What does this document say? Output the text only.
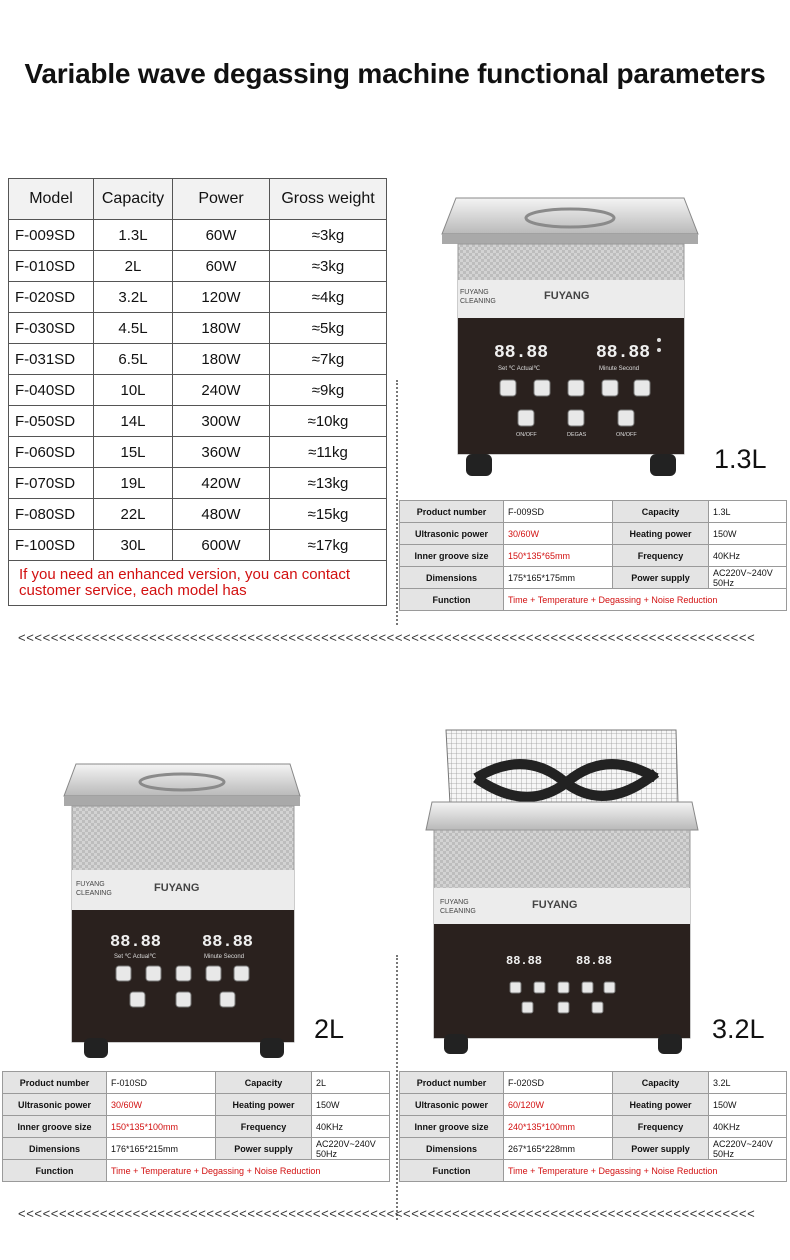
Variable wave degassing machine functional parameters
Model	Capacity	Power	Gross weight
F-009SD	1.3L	60W	≈3kg
F-010SD	2L	60W	≈3kg
F-020SD	3.2L	120W	≈4kg
F-030SD	4.5L	180W	≈5kg
F-031SD	6.5L	180W	≈7kg
F-040SD	10L	240W	≈9kg
F-050SD	14L	300W	≈10kg
F-060SD	15L	360W	≈11kg
F-070SD	19L	420W	≈13kg
F-080SD	22L	480W	≈15kg
F-100SD	30L	600W	≈17kg
If you need an enhanced version, you can contact customer service, each model has			
<<<<<<<<<<<<<<<<<<<<<<<<<<<<<<<<<<<<<<<<<<<<<<<<<<<<<<<<<<<<<<<<<<<<<<<<<<<<<<<<<<<<<<<<<<
<<<<<<<<<<<<<<<<<<<<<<<<<<<<<<<<<<<<<<<<<<<<<<<<<<<<<<<<<<<<<<<<<<<<<<<<<<<<<<<<<<<<<<<<<<
FUYANG
CLEANING	FUYANG
88.88	88.88
Set ℃ Actual℃	Minute Second
ON/OFF	DEGAS	ON/OFF
FUYANG
CLEANING	FUYANG
88.88 88.88
Set ℃ Actual℃	Minute Second
FUYANG
CLEANING
FUYANG
88.88	88.88
1.3L
2L	3.2L
Product number	F-009SD	Capacity	1.3L
Ultrasonic power	30/60W	Heating power	150W
Inner groove size	150*135*65mm	Frequency	40KHz
Dimensions	175*165*175mm	Power supply	AC220V~240V 50Hz
Function	Time + Temperature + Degassing + Noise Reduction		
Product number	F-010SD	Capacity	2L
Ultrasonic power	30/60W	Heating power	150W
Inner groove size	150*135*100mm	Frequency	40KHz
Dimensions	176*165*215mm	Power supply	AC220V~240V 50Hz
Function	Time + Temperature + Degassing + Noise Reduction		
Product number	F-020SD	Capacity	3.2L
Ultrasonic power	60/120W	Heating power	150W
Inner groove size	240*135*100mm	Frequency	40KHz
Dimensions	267*165*228mm	Power supply	AC220V~240V 50Hz
Function	Time + Temperature + Degassing + Noise Reduction		
